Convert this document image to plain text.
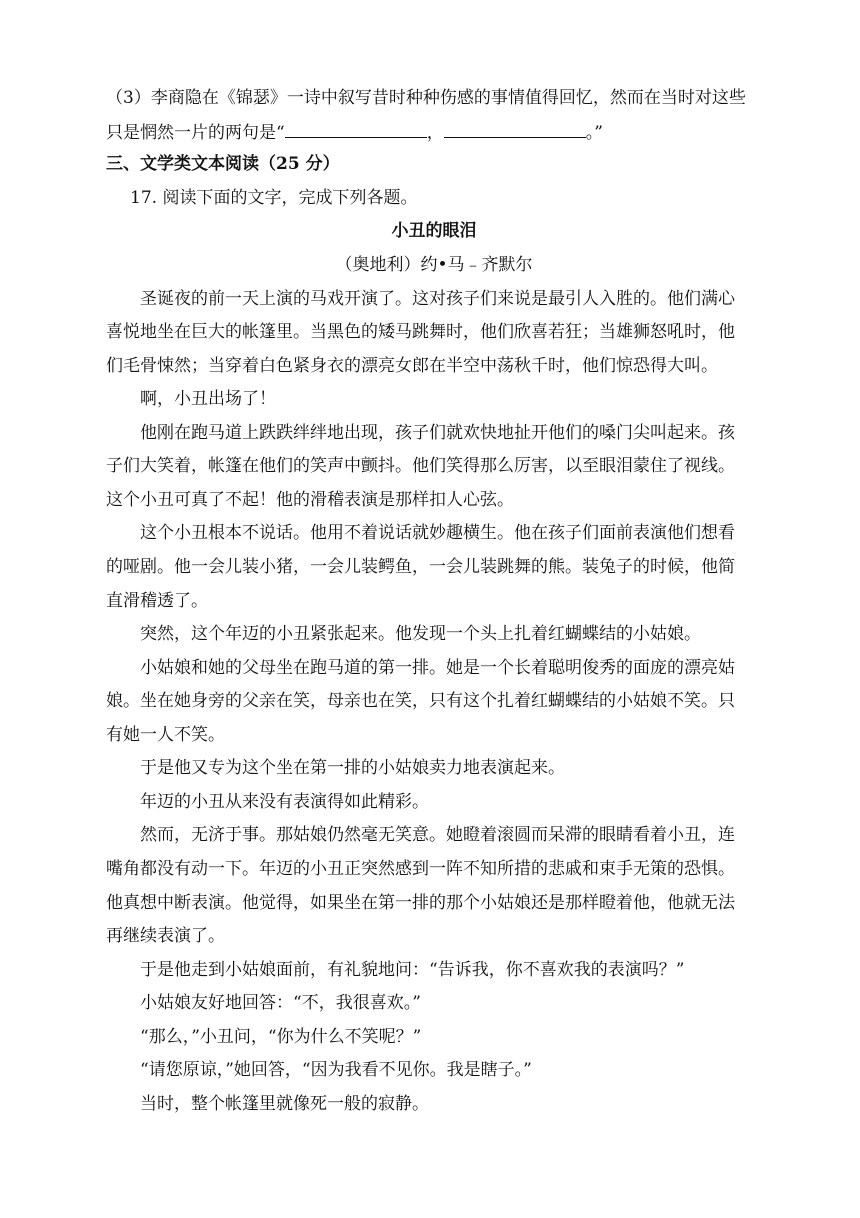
（3）李商隐在《锦瑟》一诗中叙写昔时种种伤感的事情值得回忆，然而在当时对这些
只是惘然一片的两句是“	，	。”
三、文学类文本阅读（25 分）
17. 阅读下面的文字，完成下列各题。
小丑的眼泪
（奥地利）约•马﹣齐默尔
圣诞夜的前一天上演的马戏开演了。这对孩子们来说是最引人入胜的。他们满心
喜悦地坐在巨大的帐篷里。当黑色的矮马跳舞时，他们欣喜若狂；当雄狮怒吼时，他
们毛骨悚然；当穿着白色紧身衣的漂亮女郎在半空中荡秋千时，他们惊恐得大叫。
啊，小丑出场了！
他刚在跑马道上跌跌绊绊地出现，孩子们就欢快地扯开他们的嗓门尖叫起来。孩
子们大笑着，帐篷在他们的笑声中颤抖。他们笑得那么厉害，以至眼泪蒙住了视线。
这个小丑可真了不起！他的滑稽表演是那样扣人心弦。
这个小丑根本不说话。他用不着说话就妙趣横生。他在孩子们面前表演他们想看
的哑剧。他一会儿装小猪，一会儿装鳄鱼，一会儿装跳舞的熊。装兔子的时候，他简
直滑稽透了。
突然，这个年迈的小丑紧张起来。他发现一个头上扎着红蝴蝶结的小姑娘。
小姑娘和她的父母坐在跑马道的第一排。她是一个长着聪明俊秀的面庞的漂亮姑
娘。坐在她身旁的父亲在笑，母亲也在笑，只有这个扎着红蝴蝶结的小姑娘不笑。只
有她一人不笑。
于是他又专为这个坐在第一排的小姑娘卖力地表演起来。
年迈的小丑从来没有表演得如此精彩。
然而，无济于事。那姑娘仍然毫无笑意。她瞪着滚圆而呆滞的眼睛看着小丑，连
嘴角都没有动一下。年迈的小丑正突然感到一阵不知所措的悲戚和束手无策的恐惧。
他真想中断表演。他觉得，如果坐在第一排的那个小姑娘还是那样瞪着他，他就无法
再继续表演了。
于是他走到小姑娘面前，有礼貌地问：“告诉我，你不喜欢我的表演吗？”
小姑娘友好地回答：“不，我很喜欢。”
“那么，”小丑问，“你为什么不笑呢？”
“请您原谅，”她回答，“因为我看不见你。我是瞎子。”
当时，整个帐篷里就像死一般的寂静。
